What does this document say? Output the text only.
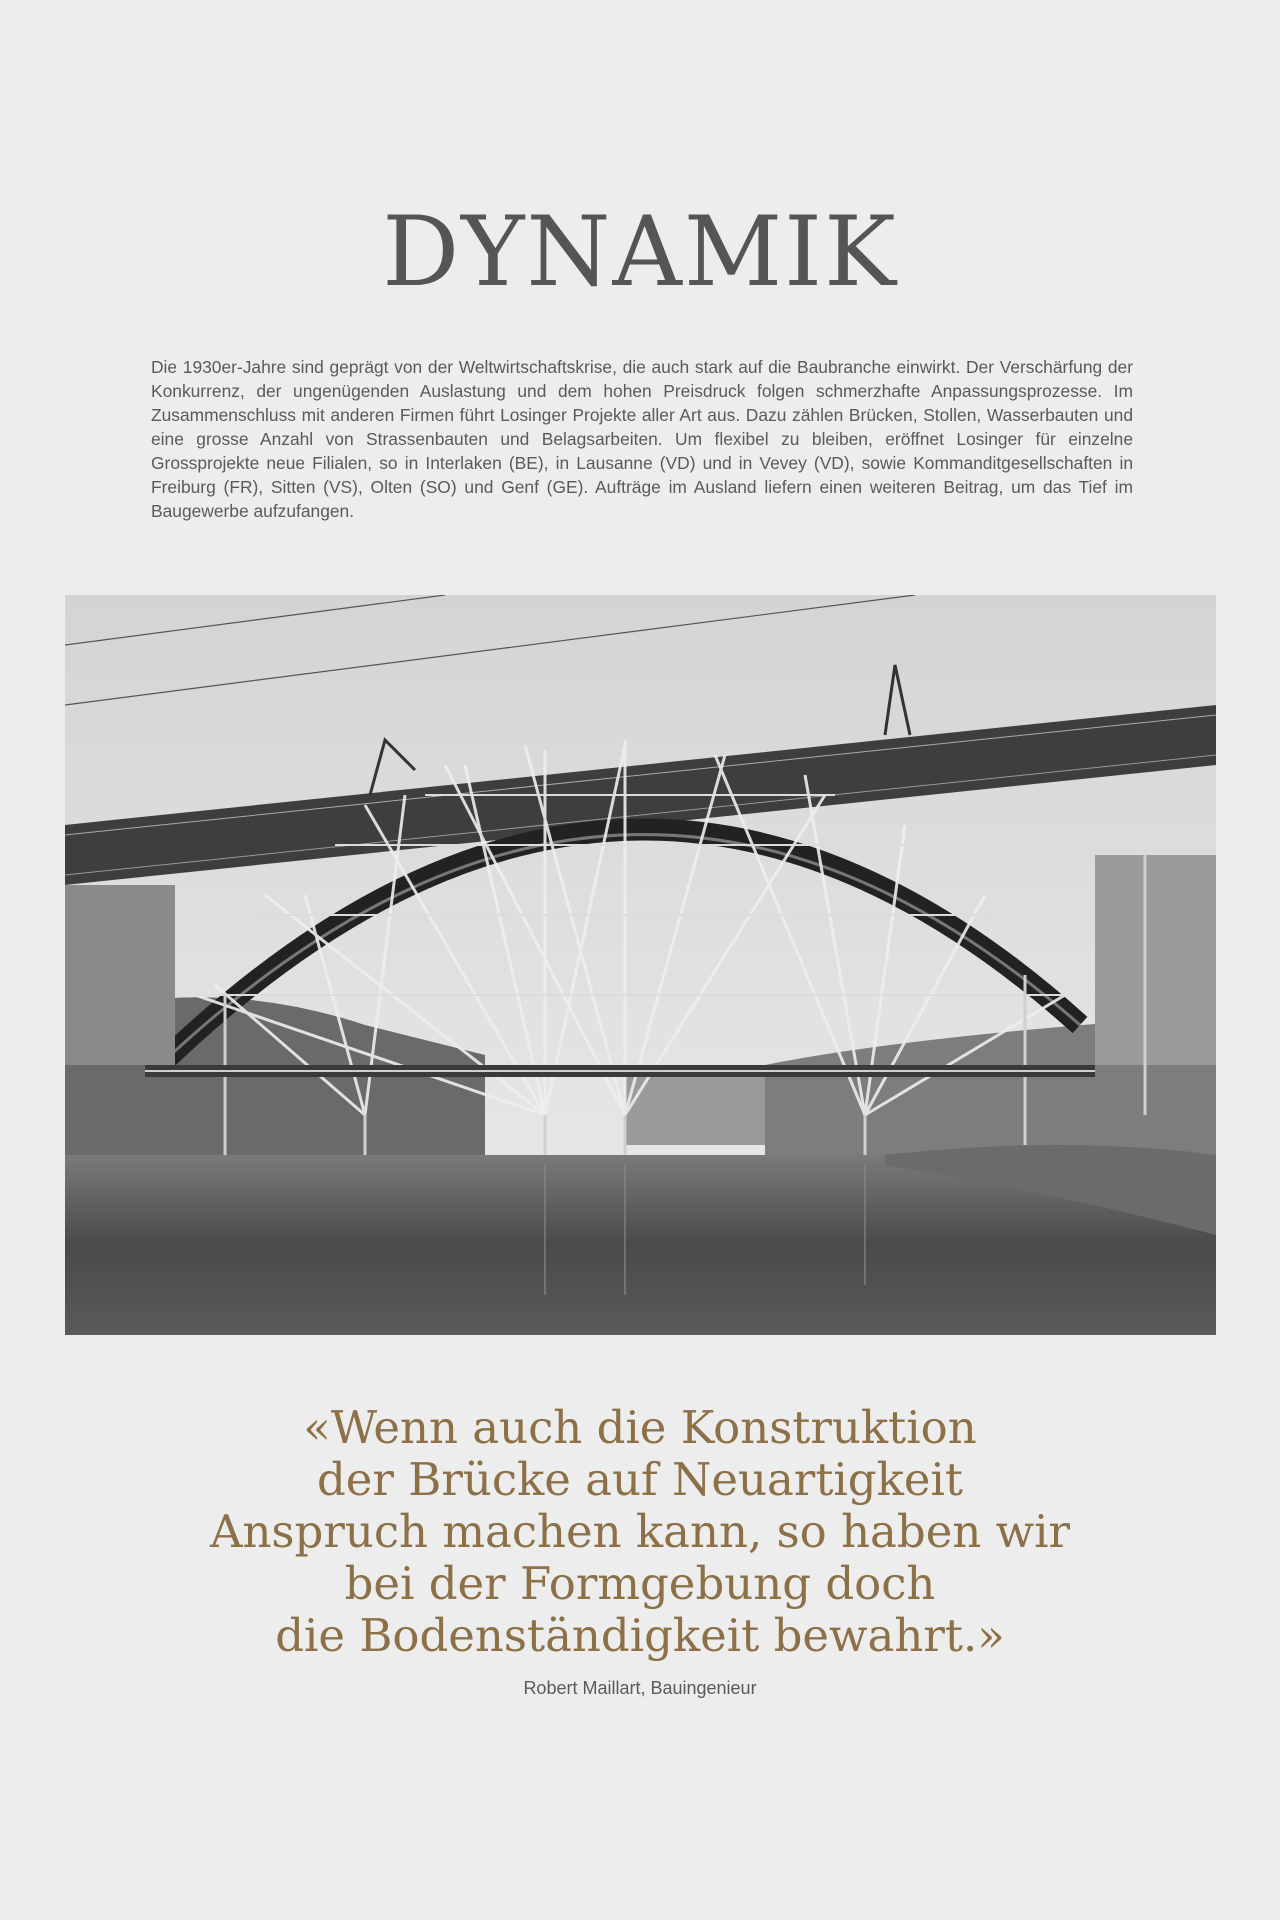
DYNAMIK

Die 1930er-Jahre sind geprägt von der Weltwirtschaftskrise, die auch stark auf die Baubranche einwirkt. Der Verschärfung der Konkurrenz, der ungenügenden Auslastung und dem hohen Preisdruck folgen schmerzhafte Anpassungsprozesse. Im Zusammenschluss mit anderen Firmen führt Losinger Projekte aller Art aus. Dazu zählen Brücken, Stollen, Wasserbauten und eine grosse Anzahl von Strassenbauten und Belagsarbeiten. Um flexibel zu bleiben, eröffnet Losinger für einzelne Grossprojekte neue Filialen, so in Interlaken (BE), in Lausanne (VD) und in Vevey (VD), sowie Kommanditgesellschaften in Freiburg (FR), Sitten (VS), Olten (SO) und Genf (GE). Aufträge im Ausland liefern einen weiteren Beitrag, um das Tief im Baugewerbe aufzufangen.

«Wenn auch die Konstruktion
der Brücke auf Neuartigkeit
Anspruch machen kann, so haben wir
bei der Formgebung doch
die Bodenständigkeit bewahrt.»

Robert Maillart, Bauingenieur
